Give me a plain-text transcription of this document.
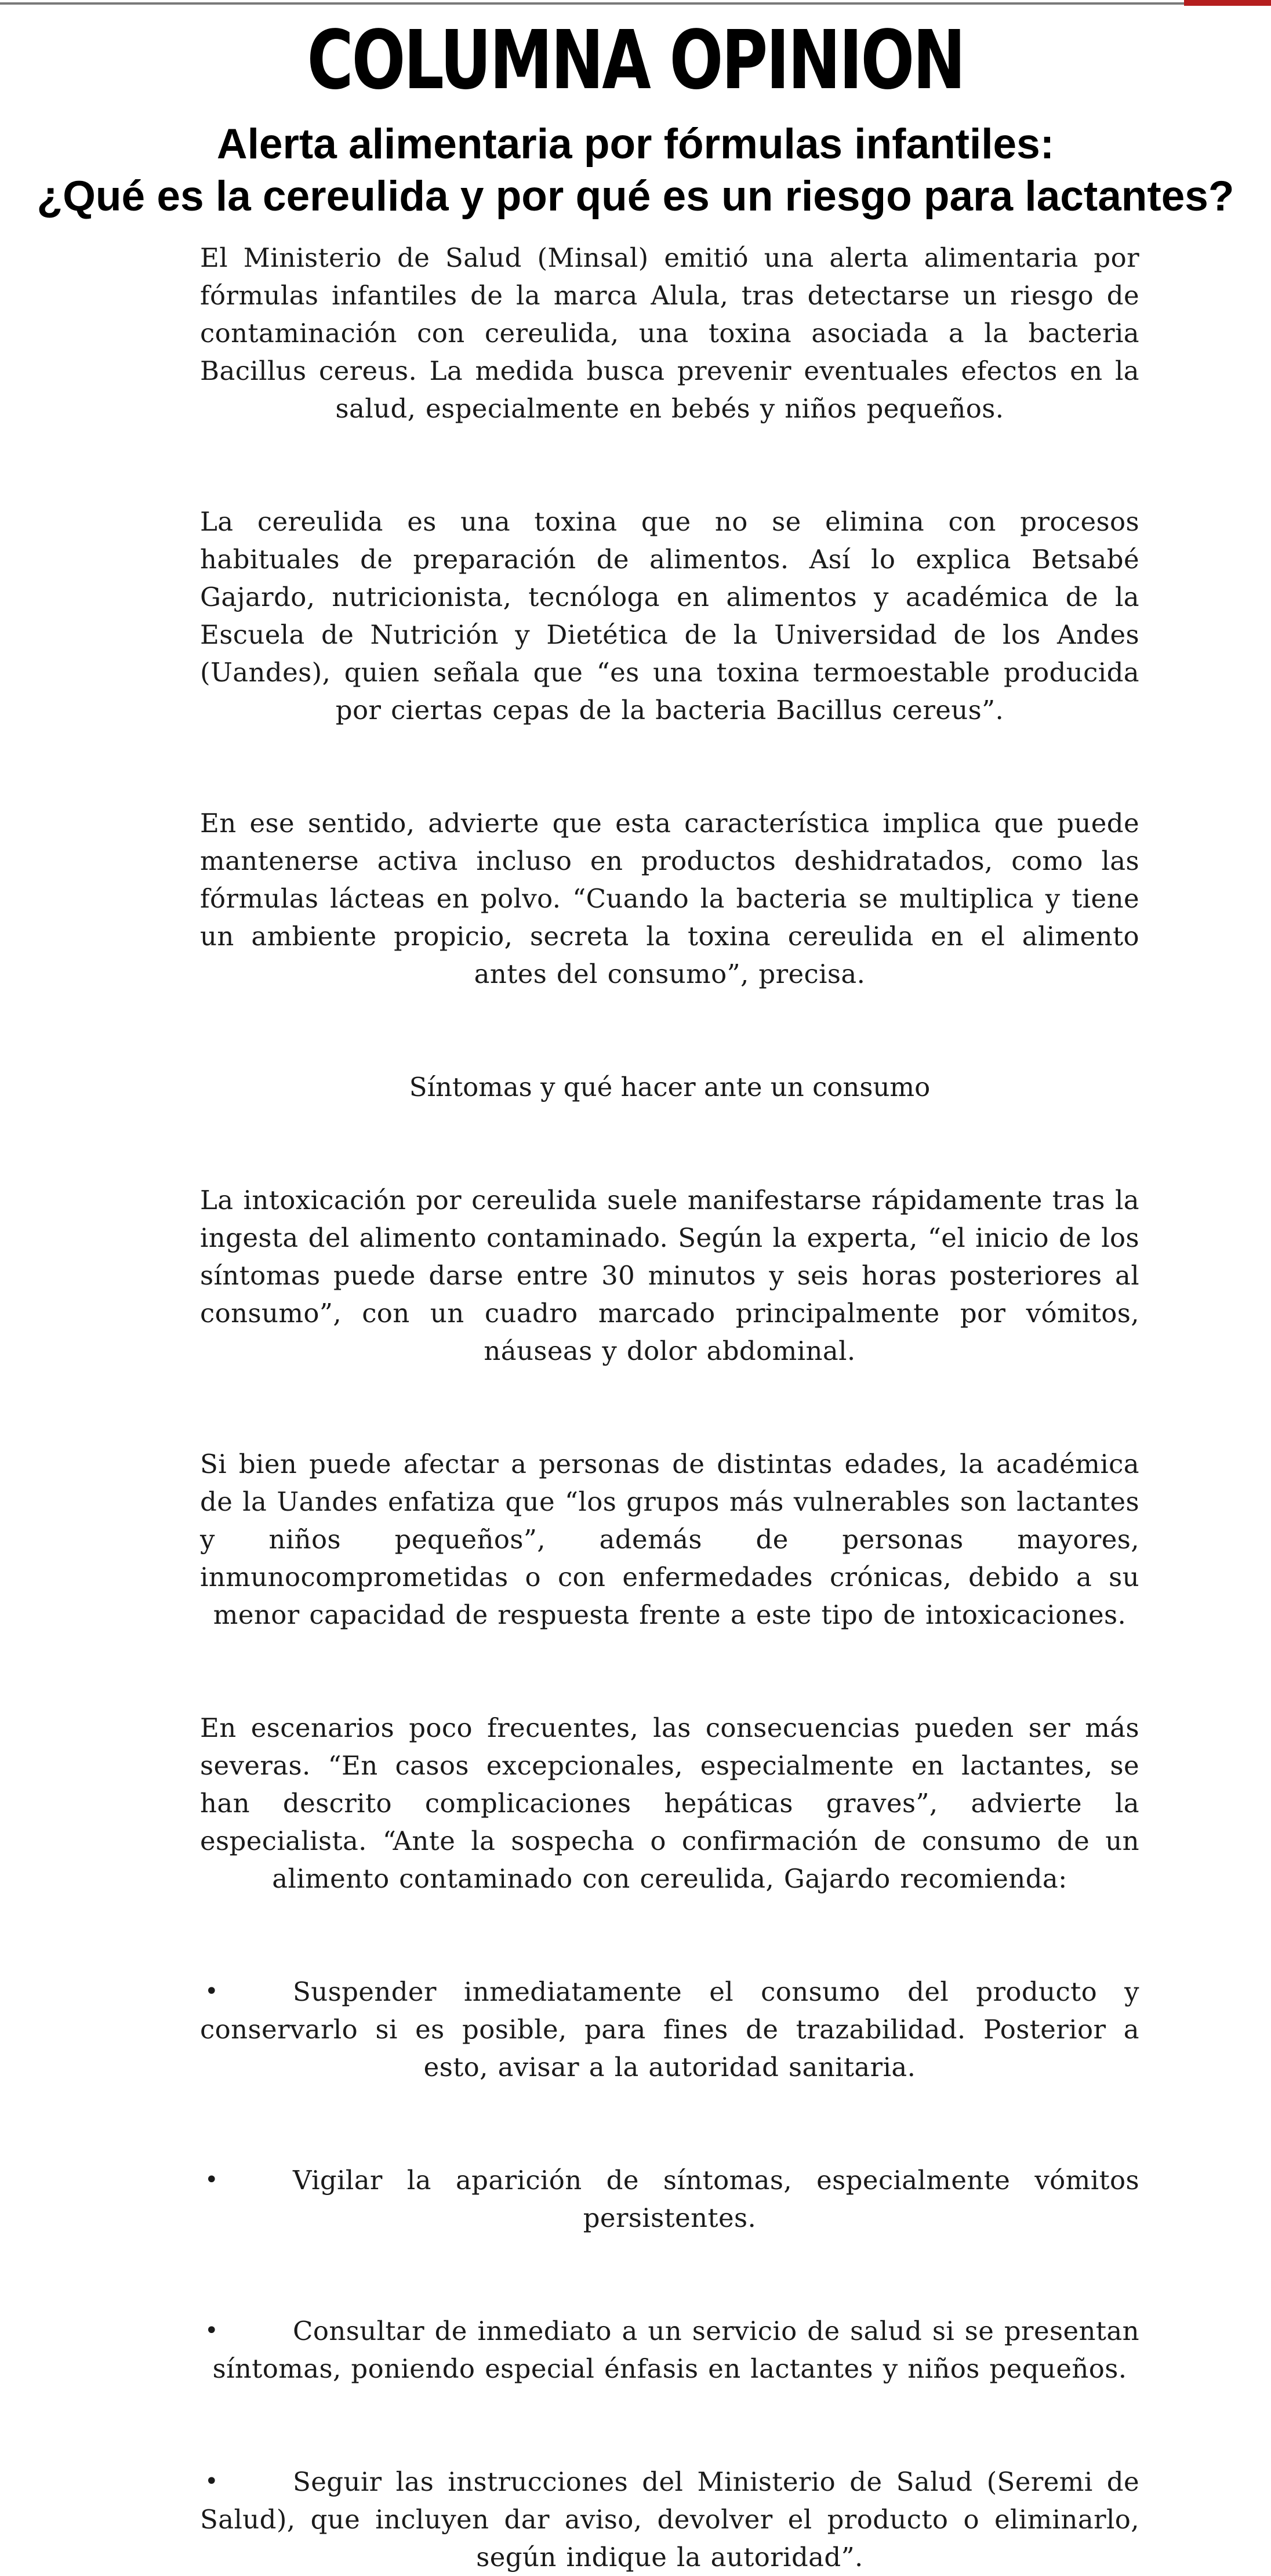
COLUMNA OPINION
Alerta alimentaria por fórmulas infantiles:
¿Qué es la cereulida y por qué es un riesgo para lactantes?

El Ministerio de Salud (Minsal) emitió una alerta alimentaria por fórmulas infantiles de la marca Alula, tras detectarse un riesgo de contaminación con cereulida, una toxina asociada a la bacteria Bacillus cereus. La medida busca prevenir eventuales efectos en la salud, especialmente en bebés y niños pequeños.

La cereulida es una toxina que no se elimina con procesos habituales de preparación de alimentos. Así lo explica Betsabé Gajardo, nutricionista, tecnóloga en alimentos y académica de la Escuela de Nutrición y Dietética de la Universidad de los Andes (Uandes), quien señala que “es una toxina termoestable producida por ciertas cepas de la bacteria Bacillus cereus”.

En ese sentido, advierte que esta característica implica que puede mantenerse activa incluso en productos deshidratados, como las fórmulas lácteas en polvo. “Cuando la bacteria se multiplica y tiene un ambiente propicio, secreta la toxina cereulida en el alimento antes del consumo”, precisa.

Síntomas y qué hacer ante un consumo

La intoxicación por cereulida suele manifestarse rápidamente tras la ingesta del alimento contaminado. Según la experta, “el inicio de los síntomas puede darse entre 30 minutos y seis horas posteriores al consumo”, con un cuadro marcado principalmente por vómitos, náuseas y dolor abdominal.

Si bien puede afectar a personas de distintas edades, la académica de la Uandes enfatiza que “los grupos más vulnerables son lactantes y niños pequeños”, además de personas mayores, inmunocomprometidas o con enfermedades crónicas, debido a su menor capacidad de respuesta frente a este tipo de intoxicaciones.

En escenarios poco frecuentes, las consecuencias pueden ser más severas. “En casos excepcionales, especialmente en lactantes, se han descrito complicaciones hepáticas graves”, advierte la especialista. “Ante la sospecha o confirmación de consumo de un alimento contaminado con cereulida, Gajardo recomienda:

•	Suspender inmediatamente el consumo del producto y conservarlo si es posible, para fines de trazabilidad. Posterior a esto, avisar a la autoridad sanitaria.
•	Vigilar la aparición de síntomas, especialmente vómitos persistentes.
•	Consultar de inmediato a un servicio de salud si se presentan síntomas, poniendo especial énfasis en lactantes y niños pequeños.
•	Seguir las instrucciones del Ministerio de Salud (Seremi de Salud), que incluyen dar aviso, devolver el producto o eliminarlo, según indique la autoridad”.
